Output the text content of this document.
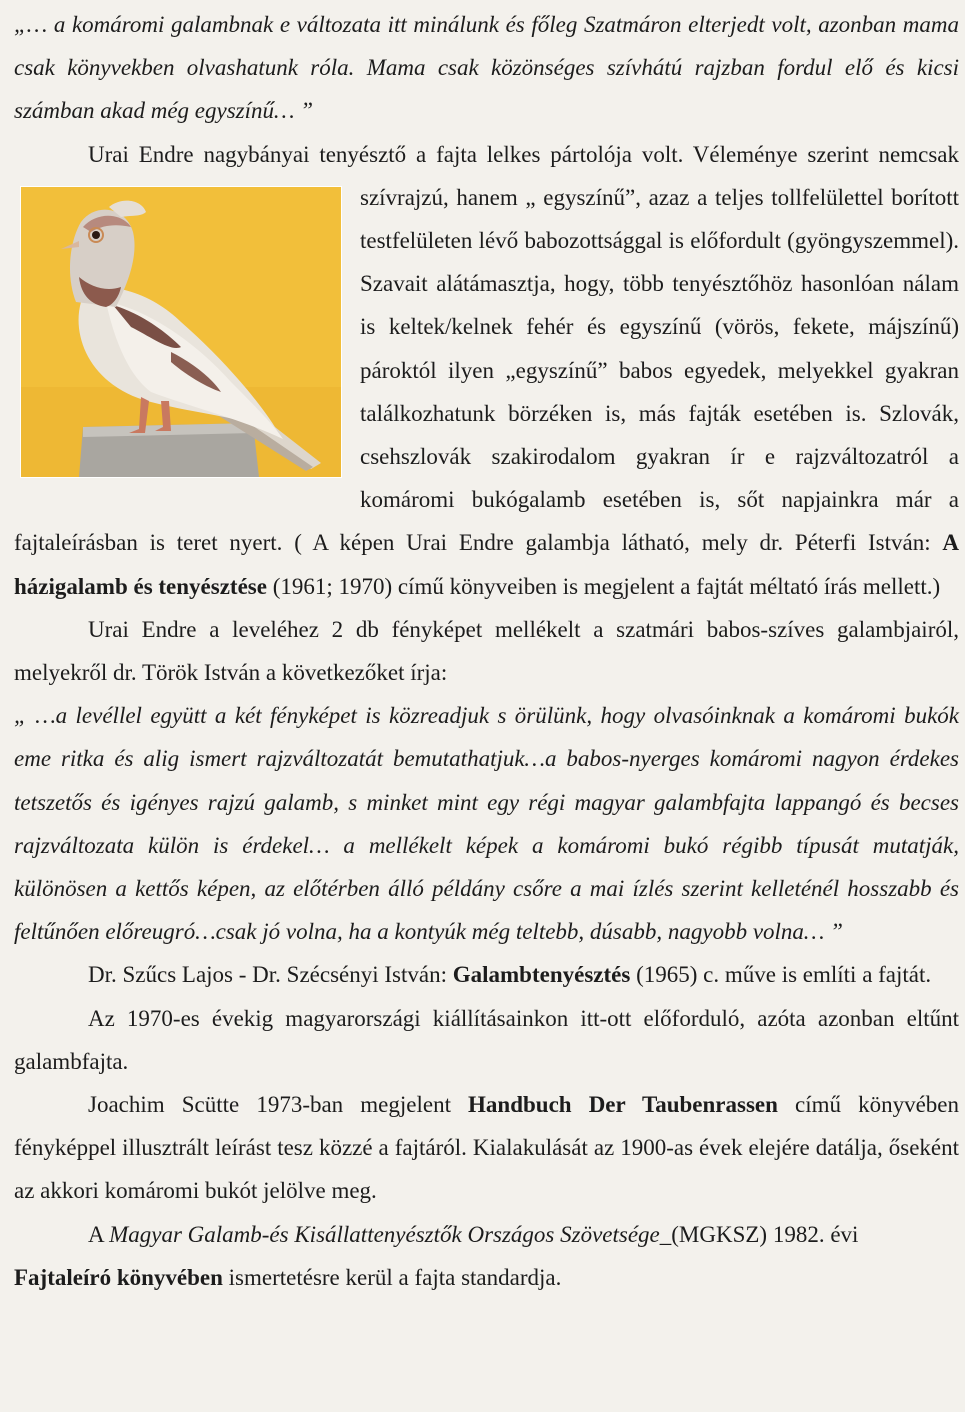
„… a komáromi galambnak e változata itt minálunk és főleg Szatmáron elterjedt volt, azonban mama csak könyvekben olvashatunk róla. Mama csak közönséges szívhátú rajzban fordul elő és kicsi számban akad még egyszínű… ”

Urai Endre nagybányai tenyésztő a fajta lelkes pártolója volt. Véleménye szerint
nemcsak szívrajzú, hanem „ egyszínű”, azaz a teljes tollfelülettel borított testfelületen lévő babozottsággal is előfordult (gyöngyszemmel). Szavait alátámasztja, hogy, több tenyésztőhöz hasonlóan nálam is keltek/kelnek fehér és egyszínű (vörös, fekete, májszínű) pároktól ilyen „egyszínű” babos egyedek, melyekkel gyakran találkozhatunk börzéken is, más fajták esetében is. Szlovák, csehszlovák szakirodalom gyakran ír e rajzváltozatról a komáromi bukógalamb esetében is, sőt napjainkra már a fajtaleírásban is teret nyert. ( A képen Urai Endre galambja látható, mely dr. Péterfi István: A házigalamb és tenyésztése (1961; 1970) című könyveiben is megjelent a fajtát méltató írás mellett.)

Urai Endre a leveléhez 2 db fényképet mellékelt a szatmári babos-szíves galambjairól, melyekről dr. Török István a következőket írja:

„ …a levéllel együtt a két fényképet is közreadjuk s örülünk, hogy olvasóinknak a komáromi bukók eme ritka és alig ismert rajzváltozatát bemutathatjuk…a babos-nyerges komáromi nagyon érdekes tetszetős és igényes rajzú galamb, s minket mint egy régi magyar galambfajta lappangó és becses rajzváltozata külön is érdekel… a mellékelt képek a komáromi bukó régibb típusát mutatják, különösen a kettős képen, az előtérben álló példány csőre a mai ízlés szerint kelleténél hosszabb és feltűnően előreugró…csak jó volna, ha a kontyúk még teltebb, dúsabb, nagyobb volna… ”

Dr. Szűcs Lajos - Dr. Szécsényi István: Galambtenyésztés (1965) c. műve is említi a fajtát.

Az 1970-es évekig magyarországi kiállításainkon itt-ott előforduló, azóta azonban eltűnt galambfajta.

Joachim Scütte 1973-ban megjelent Handbuch Der Taubenrassen című könyvében fényképpel illusztrált leírást tesz közzé a fajtáról. Kialakulását az 1900-as évek elejére datálja, őseként az akkori komáromi bukót jelölve meg.

A Magyar Galamb-és Kisállattenyésztők Országos Szövetsége_(MGKSZ) 1982. évi
Fajtaleíró könyvében ismertetésre kerül a fajta standardja.
